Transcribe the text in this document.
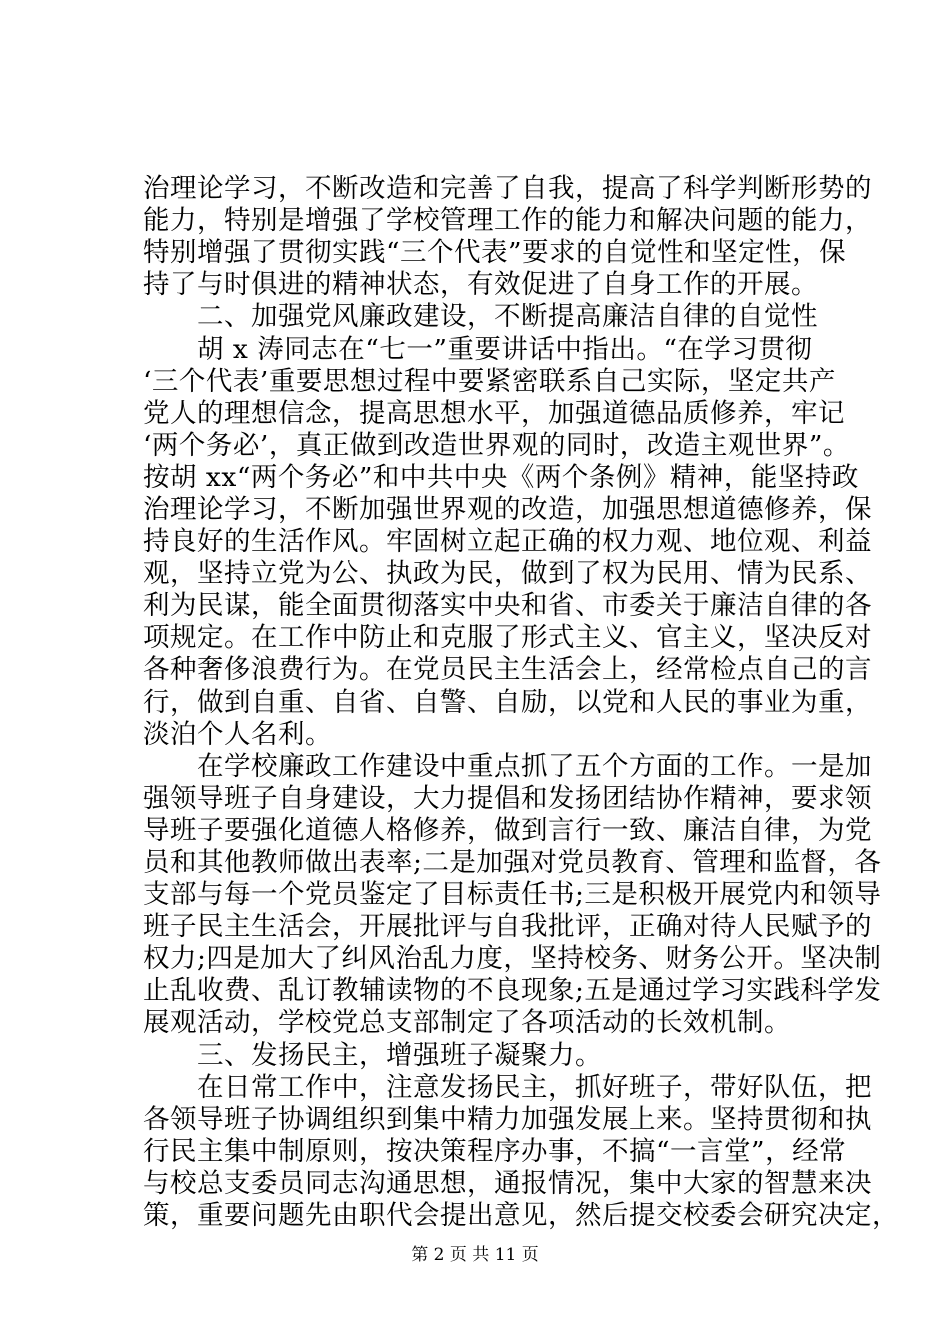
治理论学习，不断改造和完善了自我，提高了科学判断形势的
能力，特别是增强了学校管理工作的能力和解决问题的能力，
特别增强了贯彻实践“三个代表”要求的自觉性和坚定性，保
持了与时俱进的精神状态，有效促进了自身工作的开展。
　　二、加强党风廉政建设，不断提高廉洁自律的自觉性
　　胡 x 涛同志在“七一”重要讲话中指出。“在学习贯彻
‘三个代表’重要思想过程中要紧密联系自己实际，坚定共产
党人的理想信念，提高思想水平，加强道德品质修养，牢记
‘两个务必’，真正做到改造世界观的同时，改造主观世界”。
按胡 xx“两个务必”和中共中央《两个条例》精神，能坚持政
治理论学习，不断加强世界观的改造，加强思想道德修养，保
持良好的生活作风。牢固树立起正确的权力观、地位观、利益
观，坚持立党为公、执政为民，做到了权为民用、情为民系、
利为民谋，能全面贯彻落实中央和省、市委关于廉洁自律的各
项规定。在工作中防止和克服了形式主义、官主义，坚决反对
各种奢侈浪费行为。在党员民主生活会上，经常检点自己的言
行，做到自重、自省、自警、自励，以党和人民的事业为重，
淡泊个人名利。
　　在学校廉政工作建设中重点抓了五个方面的工作。一是加
强领导班子自身建设，大力提倡和发扬团结协作精神，要求领
导班子要强化道德人格修养，做到言行一致、廉洁自律，为党
员和其他教师做出表率;二是加强对党员教育、管理和监督，各
支部与每一个党员鉴定了目标责任书;三是积极开展党内和领导
班子民主生活会，开展批评与自我批评，正确对待人民赋予的
权力;四是加大了纠风治乱力度，坚持校务、财务公开。坚决制
止乱收费、乱订教辅读物的不良现象;五是通过学习实践科学发
展观活动，学校党总支部制定了各项活动的长效机制。
　　三、发扬民主，增强班子凝聚力。
　　在日常工作中，注意发扬民主，抓好班子，带好队伍，把
各领导班子协调组织到集中精力加强发展上来。坚持贯彻和执
行民主集中制原则，按决策程序办事，不搞“一言堂”，经常
第 2 页 共 11 页
与校总支委员同志沟通思想，通报情况，集中大家的智慧来决
策，重要问题先由职代会提出意见，然后提交校委会研究决定，
